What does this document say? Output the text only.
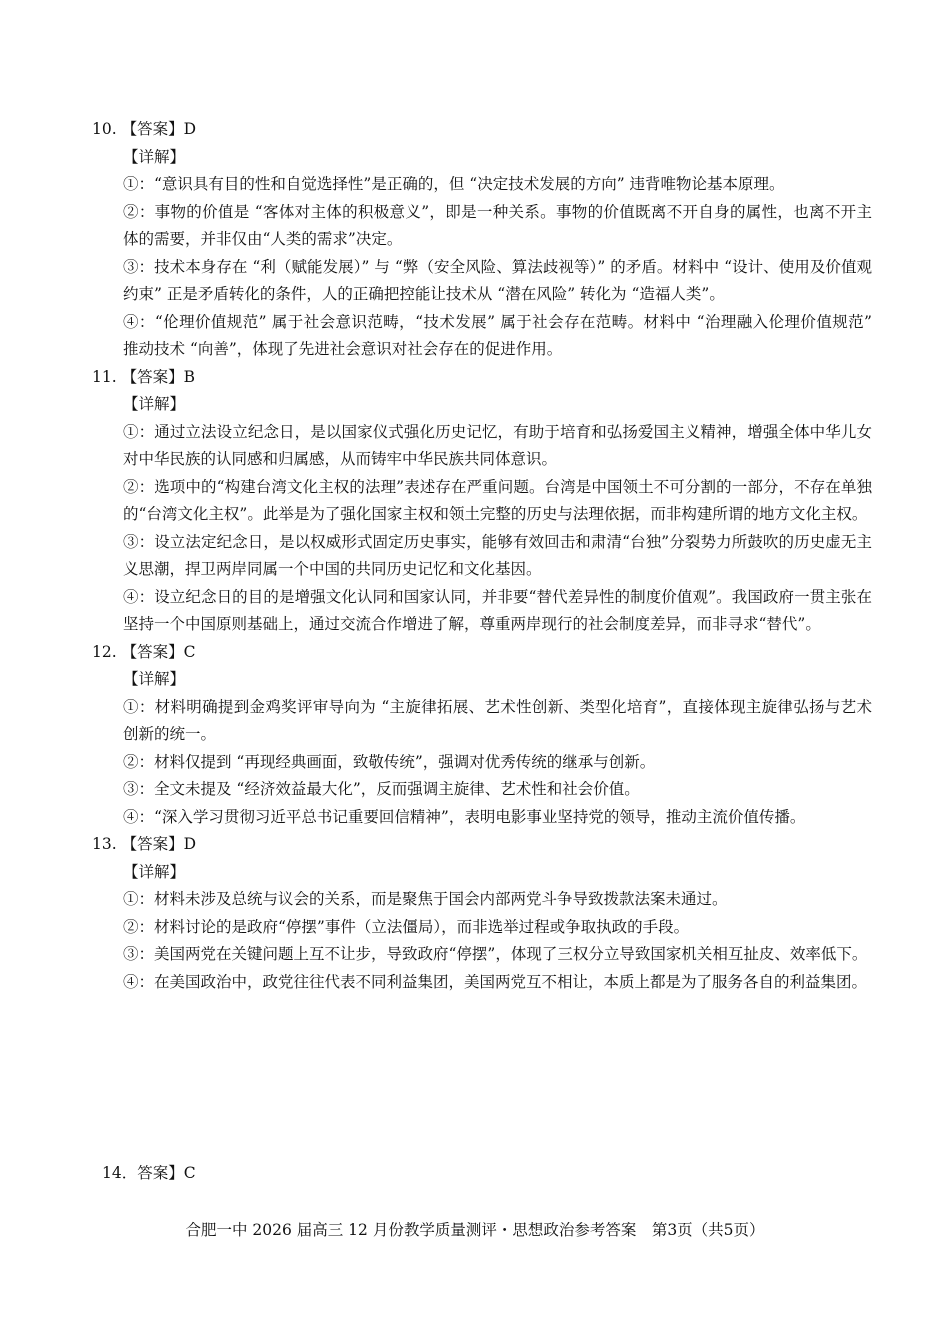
10. 【答案】D

【详解】

①：“意识具有目的性和自觉选择性”是正确的，但 “决定技术发展的方向” 违背唯物论基本原理。

②：事物的价值是 “客体对主体的积极意义”，即是一种关系。事物的价值既离不开自身的属性，也离不开主体的需要，并非仅由“人类的需求”决定。

③：技术本身存在 “利（赋能发展）” 与 “弊（安全风险、算法歧视等）” 的矛盾。材料中 “设计、使用及价值观约束” 正是矛盾转化的条件，人的正确把控能让技术从 “潜在风险” 转化为 “造福人类”。

④：“伦理价值规范” 属于社会意识范畴，“技术发展” 属于社会存在范畴。材料中 “治理融入伦理价值规范” 推动技术 “向善”，体现了先进社会意识对社会存在的促进作用。

11. 【答案】B

【详解】

①：通过立法设立纪念日，是以国家仪式强化历史记忆，有助于培育和弘扬爱国主义精神，增强全体中华儿女对中华民族的认同感和归属感，从而铸牢中华民族共同体意识。

②：选项中的“构建台湾文化主权的法理”表述存在严重问题。台湾是中国领土不可分割的一部分，不存在单独的“台湾文化主权”。此举是为了强化国家主权和领土完整的历史与法理依据，而非构建所谓的地方文化主权。

③：设立法定纪念日，是以权威形式固定历史事实，能够有效回击和肃清“台独”分裂势力所鼓吹的历史虚无主义思潮，捍卫两岸同属一个中国的共同历史记忆和文化基因。

④：设立纪念日的目的是增强文化认同和国家认同，并非要“替代差异性的制度价值观”。我国政府一贯主张在坚持一个中国原则基础上，通过交流合作增进了解，尊重两岸现行的社会制度差异，而非寻求“替代”。

12. 【答案】C

【详解】

①：材料明确提到金鸡奖评审导向为 “主旋律拓展、艺术性创新、类型化培育”，直接体现主旋律弘扬与艺术创新的统一。

②：材料仅提到 “再现经典画面，致敬传统”，强调对优秀传统的继承与创新。

③：全文未提及 “经济效益最大化”，反而强调主旋律、艺术性和社会价值。

④：“深入学习贯彻习近平总书记重要回信精神”，表明电影事业坚持党的领导，推动主流价值传播。

13. 【答案】D

【详解】

①：材料未涉及总统与议会的关系，而是聚焦于国会内部两党斗争导致拨款法案未通过。

②：材料讨论的是政府“停摆”事件（立法僵局），而非选举过程或争取执政的手段。

③：美国两党在关键问题上互不让步，导致政府“停摆”，体现了三权分立导致国家机关相互扯皮、效率低下。

④：在美国政治中，政党往往代表不同利益集团，美国两党互不相让，本质上都是为了服务各自的利益集团。

14．答案】C
合肥一中 2026 届高三 12 月份教学质量测评・思想政治参考答案　第3页（共5页）
